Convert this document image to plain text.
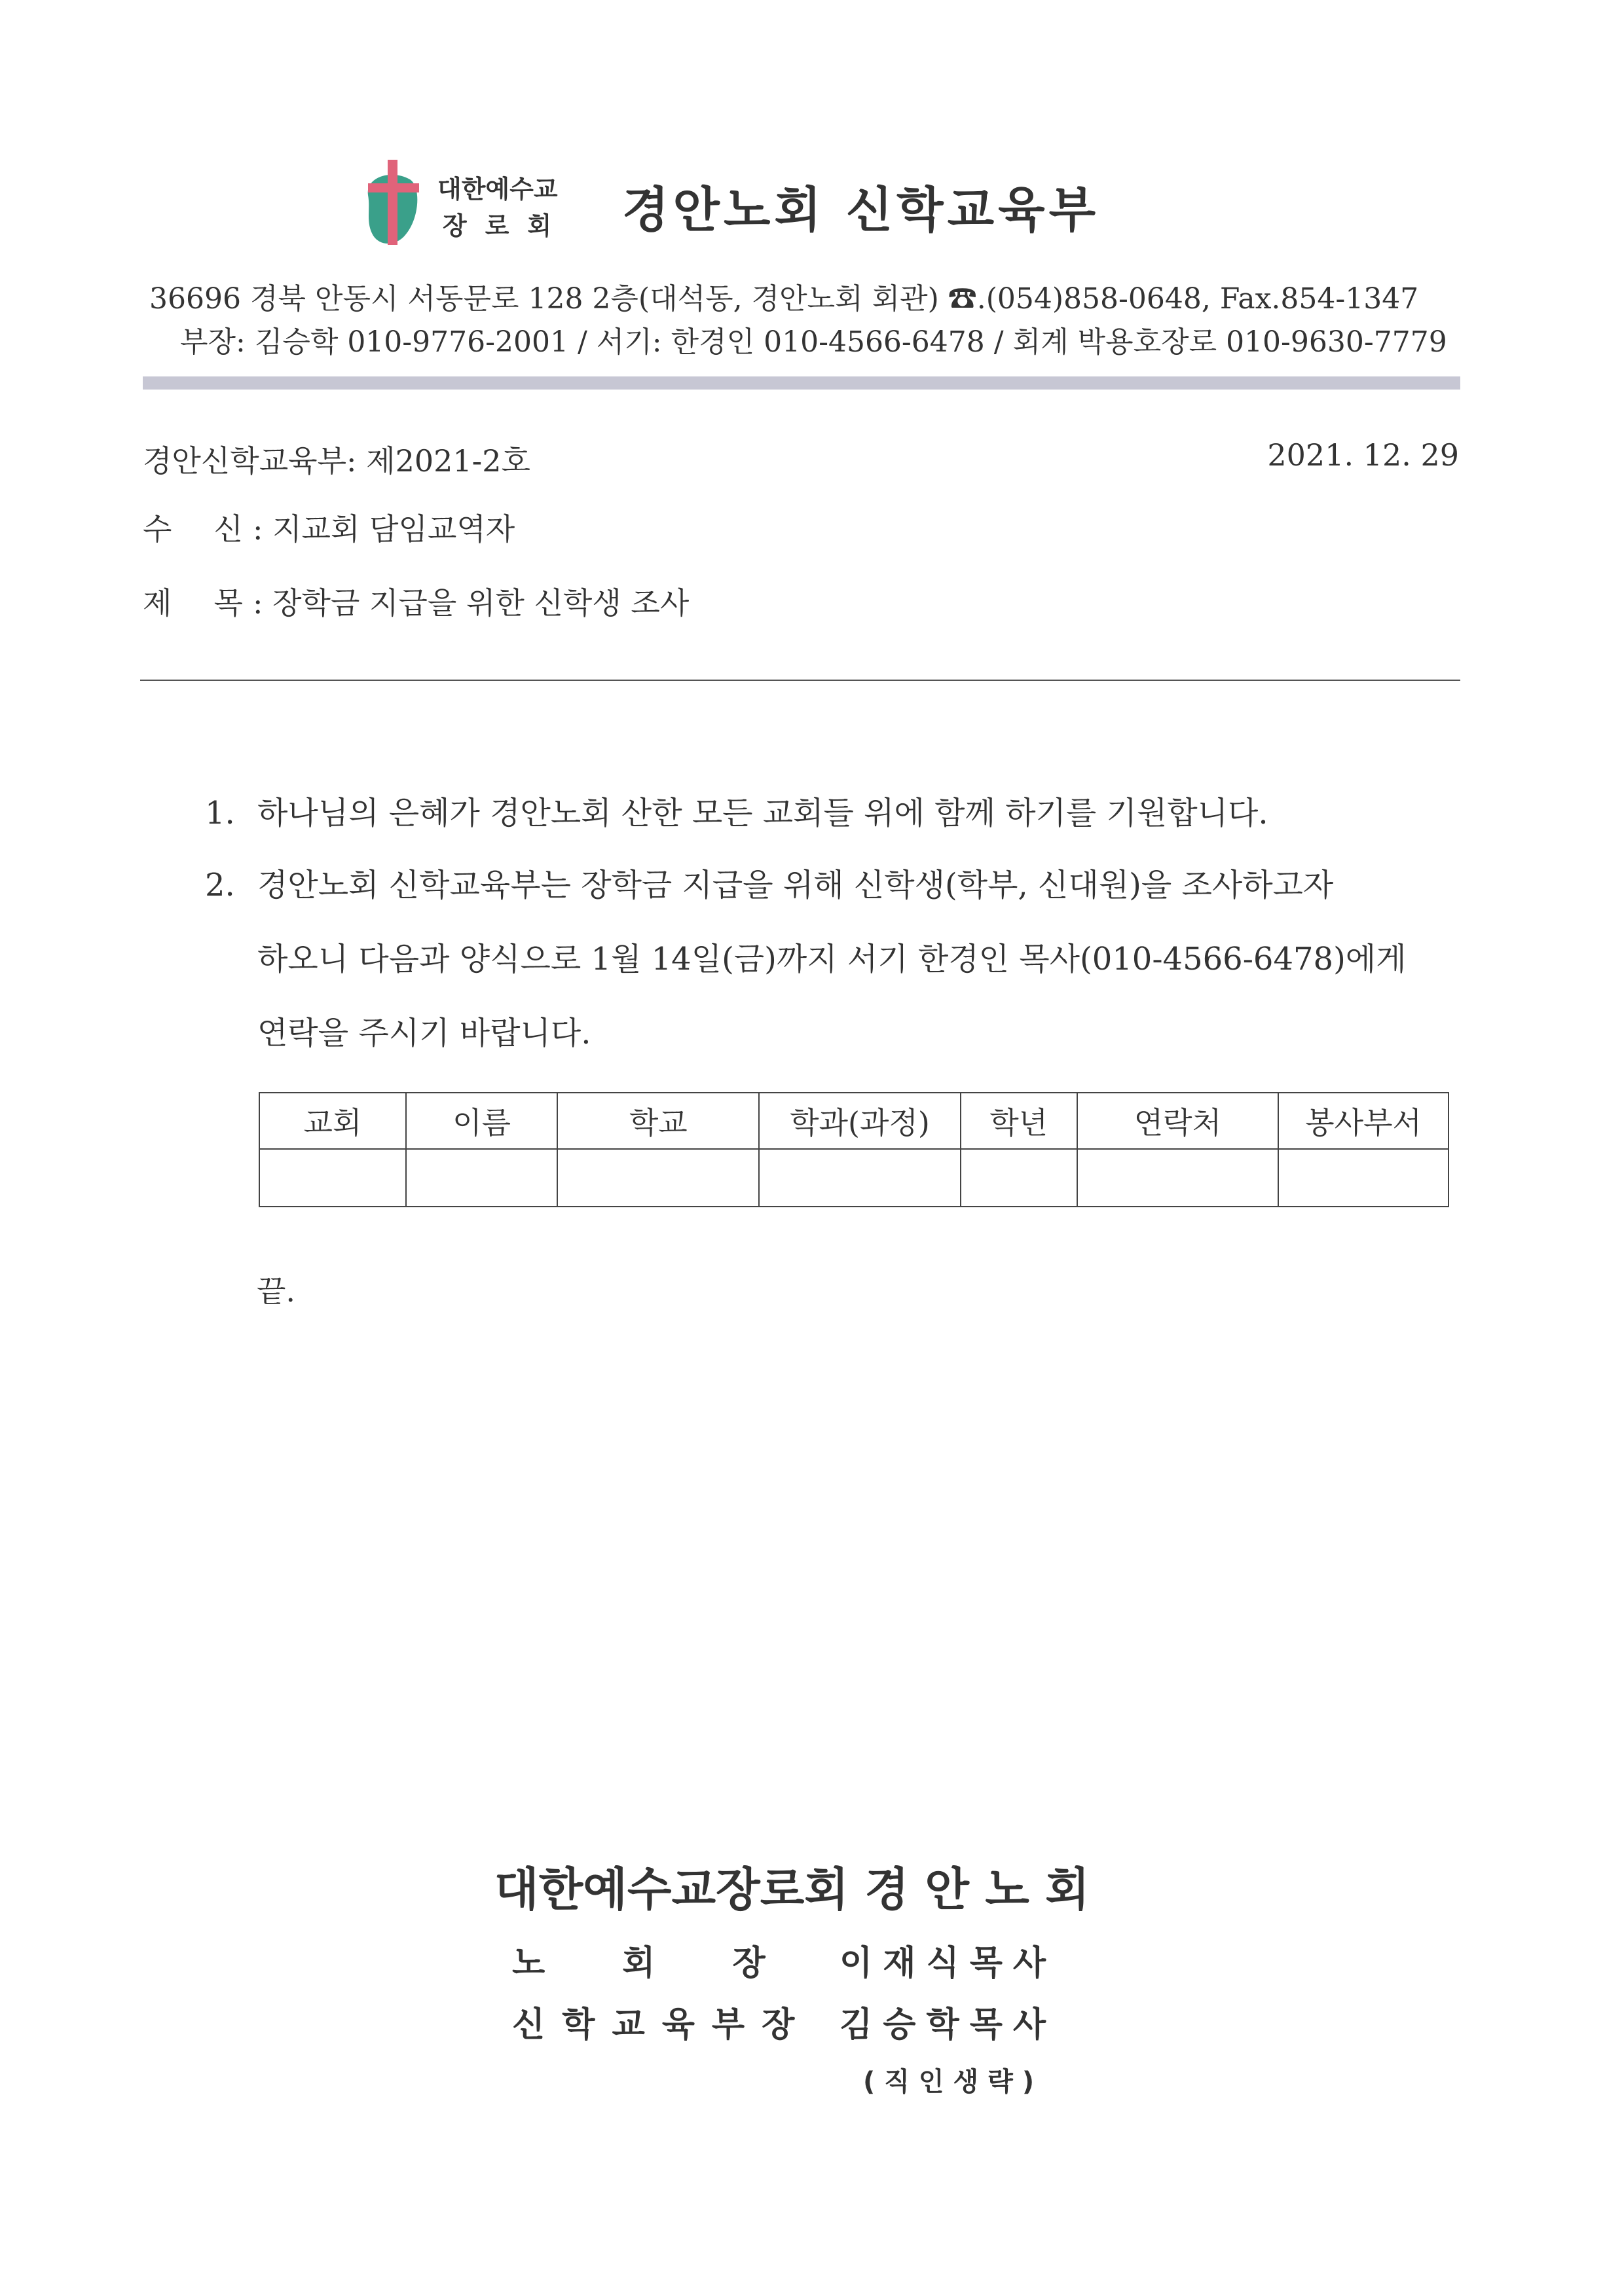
대한예수교
장로회 경안노회 신학교육부
36696 경북 안동시 서동문로 128 2층(대석동, 경안노회 회관) ☎.(054)858-0648, Fax.854-1347
부장: 김승학 010-9776-2001 / 서기: 한경인 010-4566-6478 / 회계 박용호장로 010-9630-7779
경안신학교육부: 제2021-2호	2021. 12. 29
수 신 : 지교회 담임교역자
제 목 : 장학금 지급을 위한 신학생 조사
1. 하나님의 은혜가 경안노회 산한 모든 교회들 위에 함께 하기를 기원합니다.
2. 경안노회 신학교육부는 장학금 지급을 위해 신학생(학부, 신대원)을 조사하고자
하오니 다음과 양식으로 1월 14일(금)까지 서기 한경인 목사(010-4566-6478)에게
연락을 주시기 바랍니다.
교회	이름	학교	학과(과정)	학년	연락처	봉사부서

끝.
대한예수교장로회 경 안 노 회
노회장이재식목사
신학교육부장 김승학목사
(직인생략)
